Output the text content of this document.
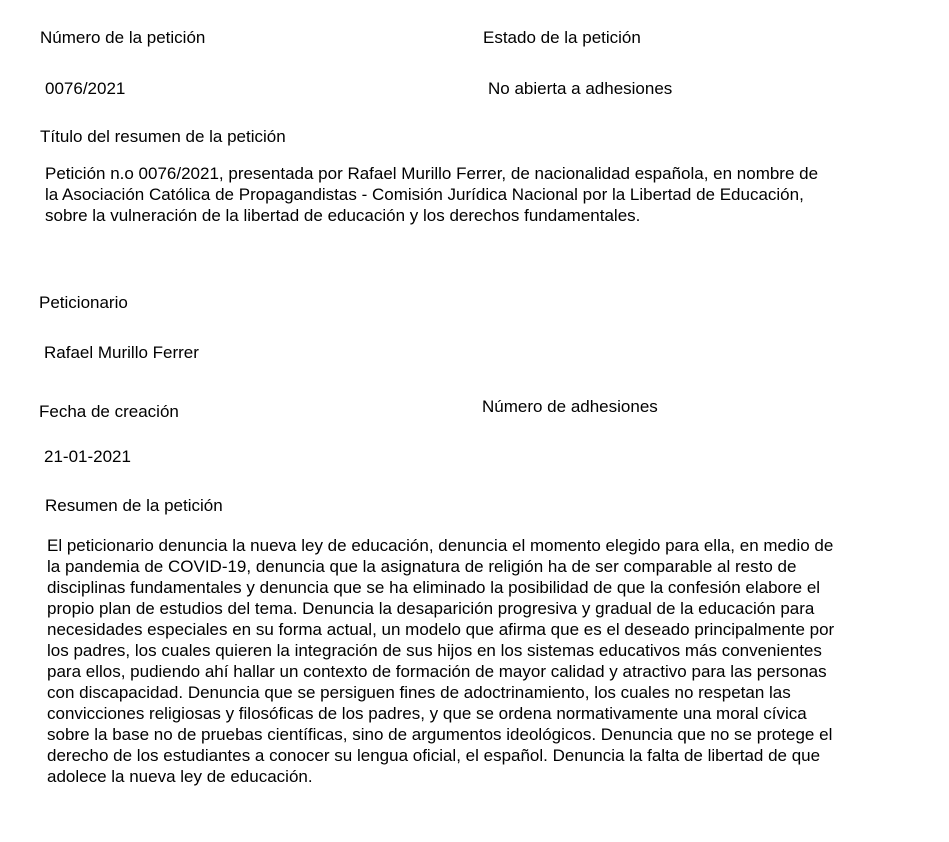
Número de la petición

0076/2021

Estado de la petición

No abierta a adhesiones

Título del resumen de la petición

Petición n.o 0076/2021, presentada por Rafael Murillo Ferrer, de nacionalidad española, en nombre de
la Asociación Católica de Propagandistas - Comisión Jurídica Nacional por la Libertad de Educación,
sobre la vulneración de la libertad de educación y los derechos fundamentales.

Peticionario

Rafael Murillo Ferrer

Fecha de creación

21-01-2021

Número de adhesiones

Resumen de la petición

El peticionario denuncia la nueva ley de educación, denuncia el momento elegido para ella, en medio de
la pandemia de COVID-19, denuncia que la asignatura de religión ha de ser comparable al resto de
disciplinas fundamentales y denuncia que se ha eliminado la posibilidad de que la confesión elabore el
propio plan de estudios del tema. Denuncia la desaparición progresiva y gradual de la educación para
necesidades especiales en su forma actual, un modelo que afirma que es el deseado principalmente por
los padres, los cuales quieren la integración de sus hijos en los sistemas educativos más convenientes
para ellos, pudiendo ahí hallar un contexto de formación de mayor calidad y atractivo para las personas
con discapacidad. Denuncia que se persiguen fines de adoctrinamiento, los cuales no respetan las
convicciones religiosas y filosóficas de los padres, y que se ordena normativamente una moral cívica
sobre la base no de pruebas científicas, sino de argumentos ideológicos. Denuncia que no se protege el
derecho de los estudiantes a conocer su lengua oficial, el español. Denuncia la falta de libertad de que
adolece la nueva ley de educación.
